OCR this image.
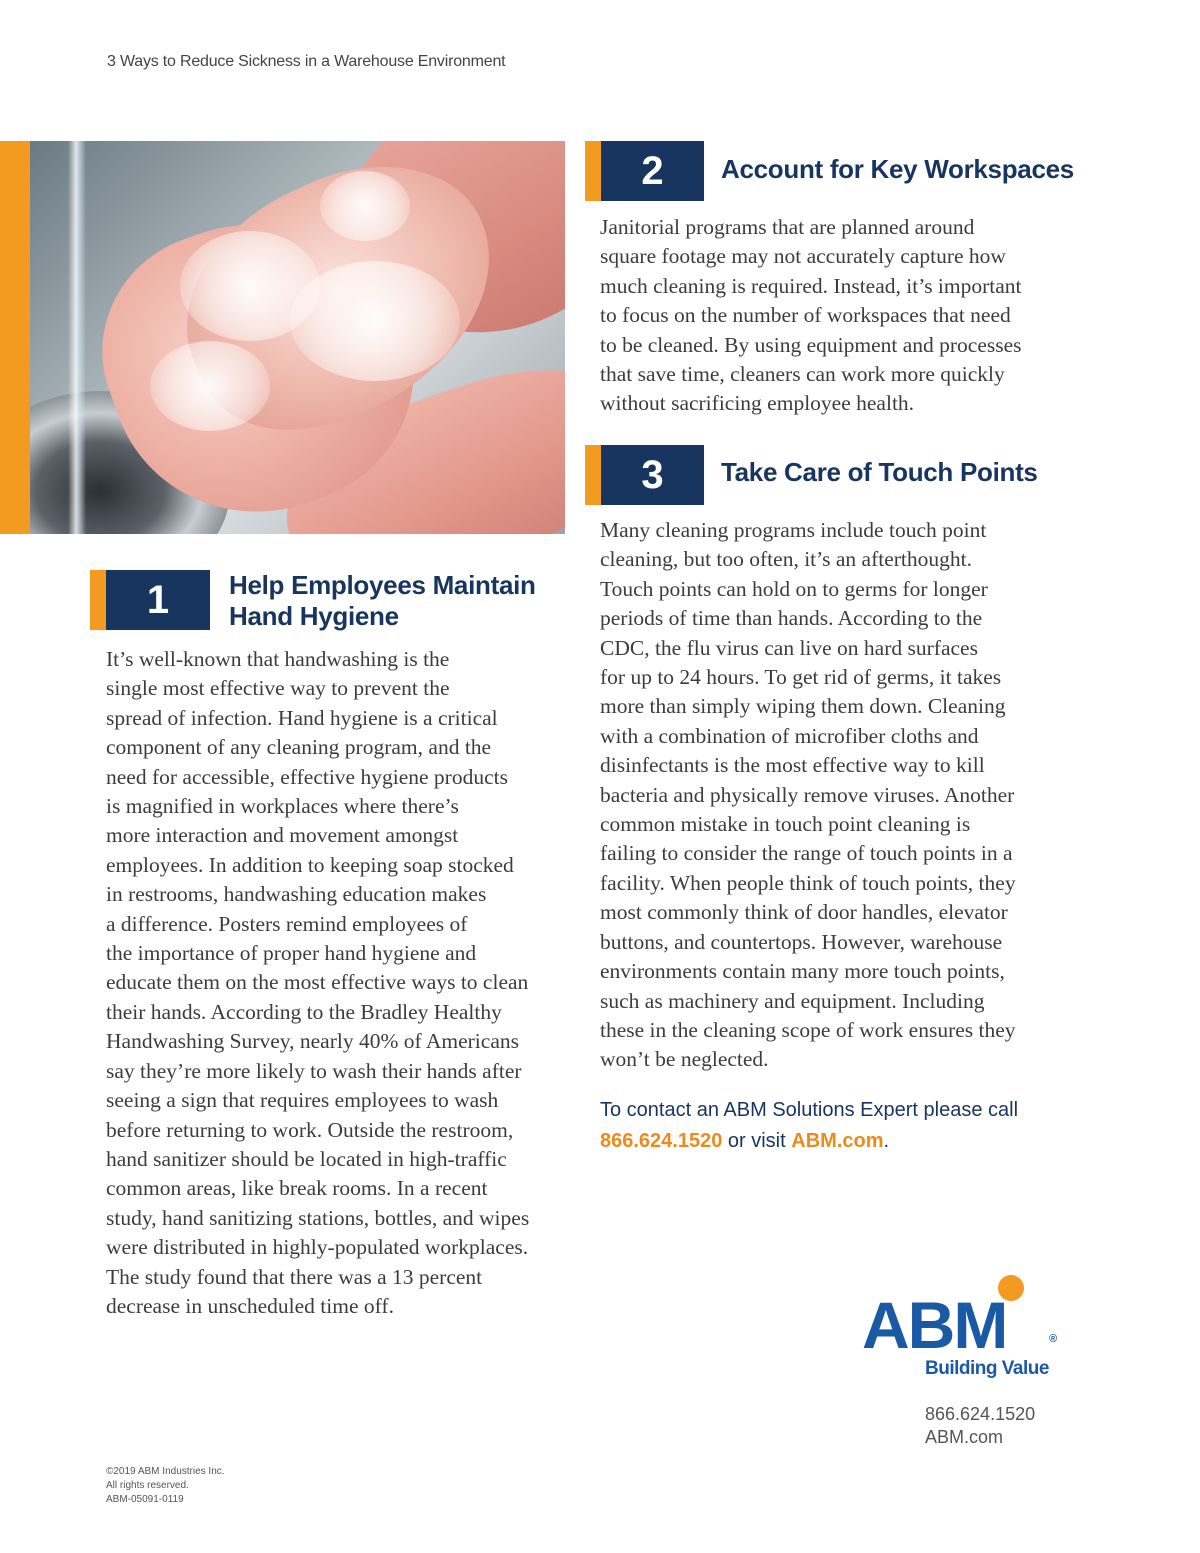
3 Ways to Reduce Sickness in a Warehouse Environment
1	Help Employees Maintain
Hand Hygiene
It’s well-known that handwashing is the
single most effective way to prevent the
spread of infection. Hand hygiene is a critical
component of any cleaning program, and the
need for accessible, effective hygiene products
is magnified in workplaces where there’s
more interaction and movement amongst
employees. In addition to keeping soap stocked
in restrooms, handwashing education makes
a difference. Posters remind employees of
the importance of proper hand hygiene and
educate them on the most effective ways to clean
their hands. According to the Bradley Healthy
Handwashing Survey, nearly 40% of Americans
say they’re more likely to wash their hands after
seeing a sign that requires employees to wash
before returning to work. Outside the restroom,
hand sanitizer should be located in high-traffic
common areas, like break rooms. In a recent
study, hand sanitizing stations, bottles, and wipes
were distributed in highly-populated workplaces.
The study found that there was a 13 percent
decrease in unscheduled time off.
2	Account for Key Workspaces
Janitorial programs that are planned around
square footage may not accurately capture how
much cleaning is required. Instead, it’s important
to focus on the number of workspaces that need
to be cleaned. By using equipment and processes
that save time, cleaners can work more quickly
without sacrificing employee health.
3	Take Care of Touch Points
Many cleaning programs include touch point
cleaning, but too often, it’s an afterthought.
Touch points can hold on to germs for longer
periods of time than hands. According to the
CDC, the flu virus can live on hard surfaces
for up to 24 hours. To get rid of germs, it takes
more than simply wiping them down. Cleaning
with a combination of microfiber cloths and
disinfectants is the most effective way to kill
bacteria and physically remove viruses. Another
common mistake in touch point cleaning is
failing to consider the range of touch points in a
facility. When people think of touch points, they
most commonly think of door handles, elevator
buttons, and countertops. However, warehouse
environments contain many more touch points,
such as machinery and equipment. Including
these in the cleaning scope of work ensures they
won’t be neglected.
To contact an ABM Solutions Expert please call
866.624.1520 or visit ABM.com.
ABM	®
Building Value
866.624.1520
ABM.com
©2019 ABM Industries Inc.
All rights reserved.
ABM-05091-0119
